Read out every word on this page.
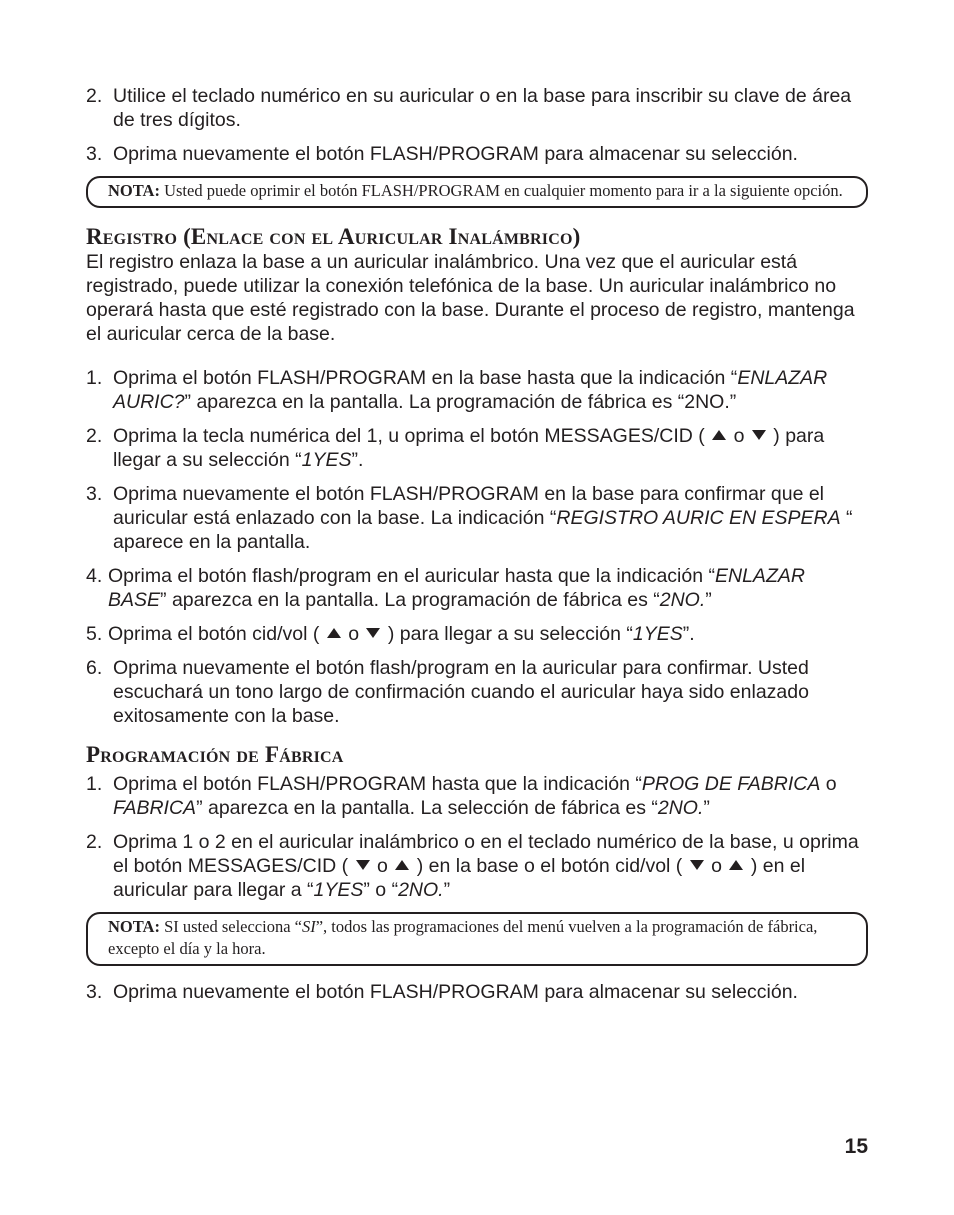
2. Utilice el teclado numérico en su auricular o en la base para inscribir su clave de área de tres dígitos.
3. Oprima nuevamente el botón FLASH/PROGRAM para almacenar su selección.
NOTA: Usted puede oprimir el botón FLASH/PROGRAM en cualquier momento para ir a la siguiente opción.
Registro (Enlace con el Auricular Inalámbrico)
El registro enlaza la base a un auricular inalámbrico. Una vez que el auricular está registrado, puede utilizar la conexión telefónica de la base. Un auricular inalámbrico no operará hasta que esté registrado con la base. Durante el proceso de registro, mantenga el auricular cerca de la base.
1. Oprima el botón FLASH/PROGRAM en la base hasta que la indicación “ENLAZAR AURIC?” aparezca en la pantalla. La programación de fábrica es “2NO.”
2. Oprima la tecla numérica del 1, u oprima el botón MESSAGES/CID ( o ) para llegar a su selección “1YES”.
3. Oprima nuevamente el botón FLASH/PROGRAM en la base para confirmar que el auricular está enlazado con la base. La indicación “REGISTRO AURIC EN ESPERA “ aparece en la pantalla.
4. Oprima el botón flash/program en el auricular hasta que la indicación “ENLAZAR BASE” aparezca en la pantalla. La programación de fábrica es “2NO.”
5. Oprima el botón cid/vol ( o ) para llegar a su selección “1YES”.
6. Oprima nuevamente el botón flash/program en la auricular para confirmar. Usted escuchará un tono largo de confirmación cuando el auricular haya sido enlazado exitosamente con la base.
Programación de Fábrica
1. Oprima el botón FLASH/PROGRAM hasta que la indicación “PROG DE FABRICA o FABRICA” aparezca en la pantalla. La selección de fábrica es “2NO.”
2. Oprima 1 o 2 en el auricular inalámbrico o en el teclado numérico de la base, u oprima el botón MESSAGES/CID ( o ) en la base o el botón cid/vol ( o ) en el auricular para llegar a “1YES” o “2NO.”
NOTA: SI usted selecciona “SI”, todos las programaciones del menú vuelven a la programación de fábrica, excepto el día y la hora.
3. Oprima nuevamente el botón FLASH/PROGRAM para almacenar su selección.
15
